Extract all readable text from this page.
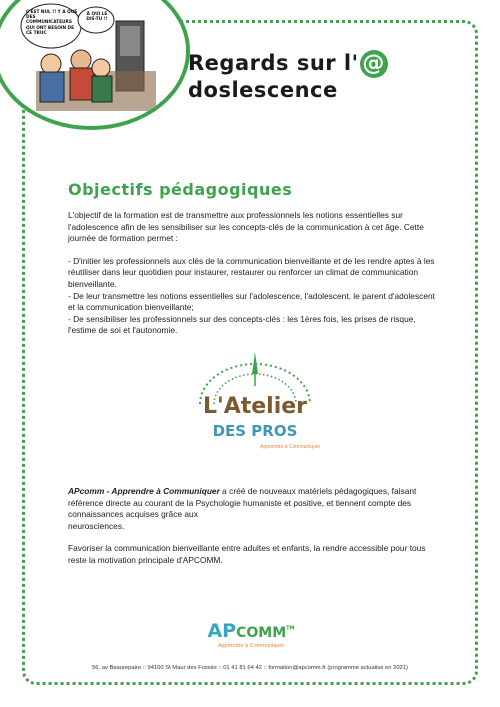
C'EST NUL !! Y A QUE DES COMMUNICATEURS QUI ONT BESOIN DE CE TRUC
À QUI LE DIS-TU !!
Regards sur l' @doslescence
Objectifs pédagogiques

L'objectif de la formation est de transmettre aux professionnels les notions essentielles sur l'adolescence afin de les sensibiliser sur les concepts-clés de la communication à cet âge. Cette journée de formation permet :

- D'initier les professionnels aux clés de la communication bienveillante et de les rendre aptes à les réutiliser dans leur quotidien pour instaurer, restaurer ou renforcer un climat de communication bienveillante.

- De leur transmettre les notions essentielles sur l'adolescence, l'adolescent, le parent d'adolescent et la communication bienveillante;

- De sensibiliser les professionnels sur des concepts-clés : les 1ères fois, les prises de risque, l'estime de soi et l'autonomie.

L'Atelier
DES PROS
Apprendre à Communiquer

APcomm - Apprendre à Communiquer a créé de nouveaux matériels pédagogiques, faisant référence directe au courant de la Psychologie humaniste et positive, et tiennent compte des connaissances acquises grâce aux

neurosciences.

Favoriser la communication bienveillante entre adultes et enfants, la rendre accessible pour tous reste la motivation principale d'APCOMM.

APCOMM™
Apprendre à Communiquer
56, av Beaurepaire :: 94100 St Maur des Fossés :: 01 41 81 64 42 :: formation@apcomm.fr (programme actualisé en 2021)
